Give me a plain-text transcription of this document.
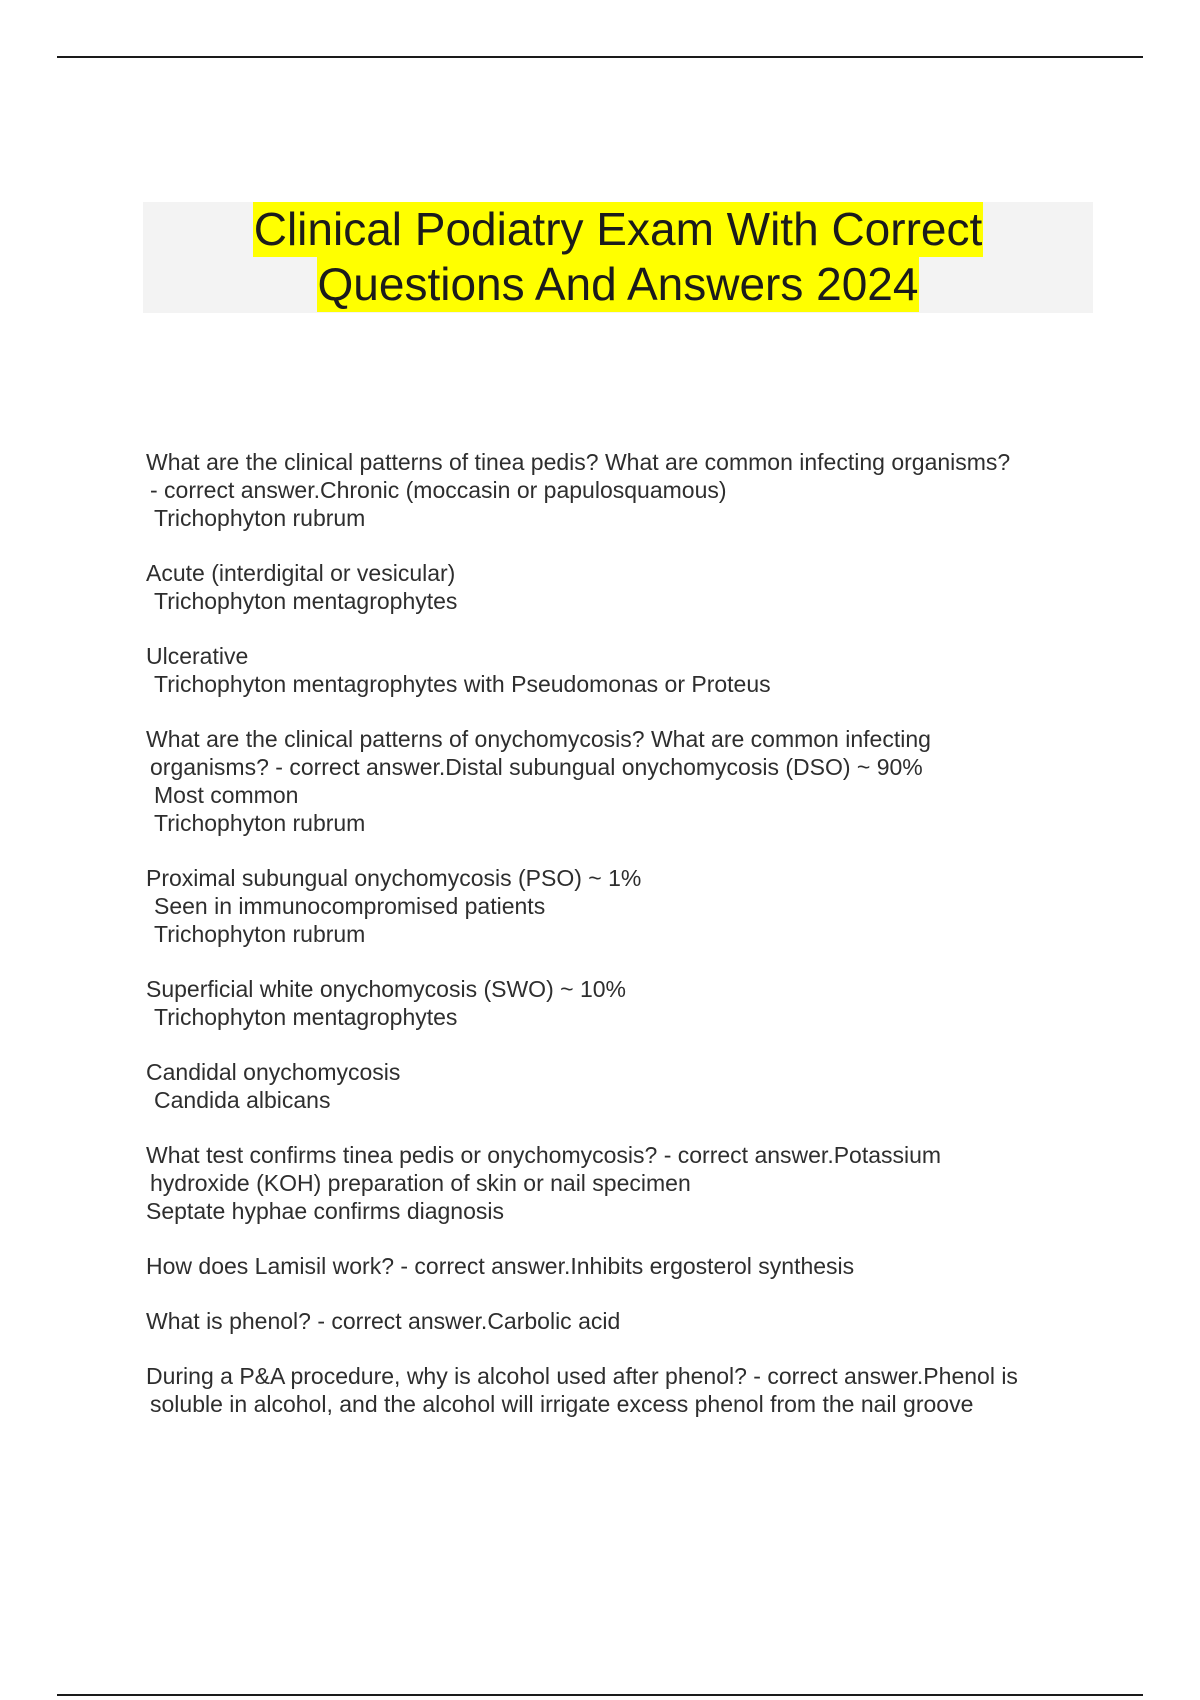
Clinical Podiatry Exam With Correct
Questions And Answers 2024
What are the clinical patterns of tinea pedis? What are common infecting organisms?
- correct answer.Chronic (moccasin or papulosquamous)
Trichophyton rubrum
Acute (interdigital or vesicular)
Trichophyton mentagrophytes
Ulcerative
Trichophyton mentagrophytes with Pseudomonas or Proteus
What are the clinical patterns of onychomycosis? What are common infecting
organisms? - correct answer.Distal subungual onychomycosis (DSO) ~ 90%
Most common
Trichophyton rubrum
Proximal subungual onychomycosis (PSO) ~ 1%
Seen in immunocompromised patients
Trichophyton rubrum
Superficial white onychomycosis (SWO) ~ 10%
Trichophyton mentagrophytes
Candidal onychomycosis
Candida albicans
What test confirms tinea pedis or onychomycosis? - correct answer.Potassium
hydroxide (KOH) preparation of skin or nail specimen
Septate hyphae confirms diagnosis
How does Lamisil work? - correct answer.Inhibits ergosterol synthesis
What is phenol? - correct answer.Carbolic acid
During a P&A procedure, why is alcohol used after phenol? - correct answer.Phenol is
soluble in alcohol, and the alcohol will irrigate excess phenol from the nail groove
